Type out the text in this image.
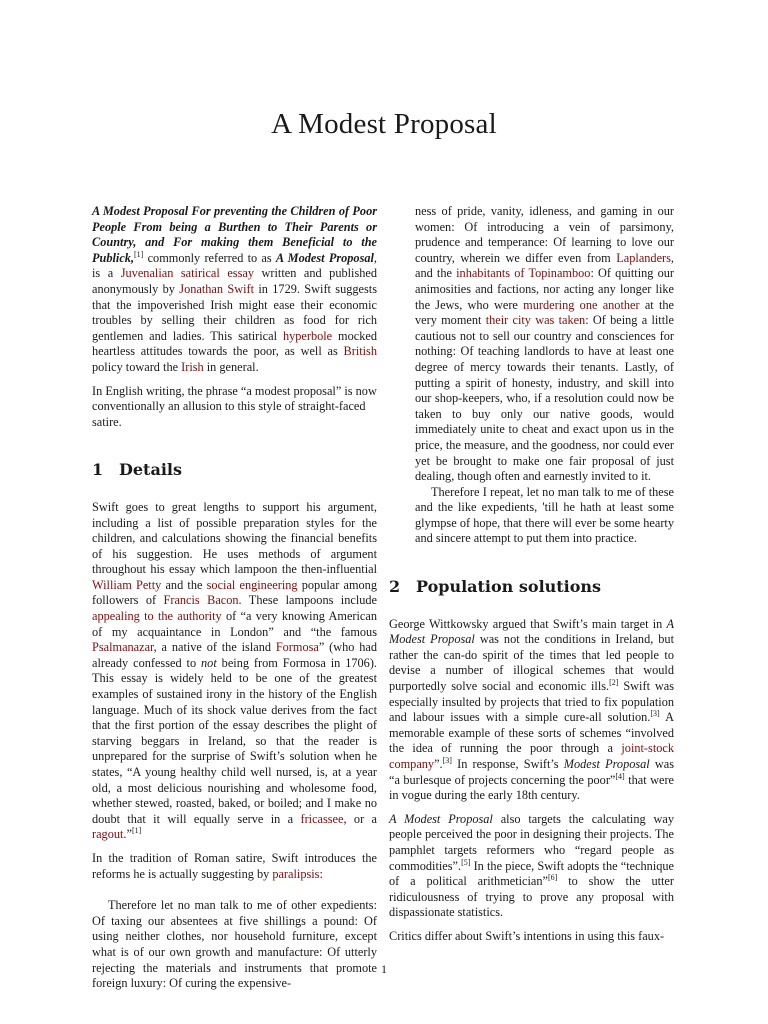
A Modest Proposal

A Modest Proposal For preventing the Children of Poor People From being a Burthen to Their Parents or Country, and For making them Beneficial to the Publick,[1] commonly referred to as A Modest Proposal, is a Juvenalian satirical essay written and published anonymously by Jonathan Swift in 1729. Swift suggests that the impoverished Irish might ease their economic troubles by selling their children as food for rich gentlemen and ladies. This satirical hyperbole mocked heartless attitudes towards the poor, as well as British policy toward the Irish in general.

In English writing, the phrase “a modest proposal” is now conventionally an allusion to this style of straight-faced satire.

1 Details

Swift goes to great lengths to support his argument, including a list of possible preparation styles for the children, and calculations showing the financial benefits of his suggestion. He uses methods of argument throughout his essay which lampoon the then-influential William Petty and the social engineering popular among followers of Francis Bacon. These lampoons include appealing to the authority of “a very knowing American of my acquaintance in London” and “the famous Psalmanazar, a native of the island Formosa” (who had already confessed to not being from Formosa in 1706). This essay is widely held to be one of the greatest examples of sustained irony in the history of the English language. Much of its shock value derives from the fact that the first portion of the essay describes the plight of starving beggars in Ireland, so that the reader is unprepared for the surprise of Swift’s solution when he states, “A young healthy child well nursed, is, at a year old, a most delicious nourishing and wholesome food, whether stewed, roasted, baked, or boiled; and I make no doubt that it will equally serve in a fricassee, or a ragout.”[1]

In the tradition of Roman satire, Swift introduces the reforms he is actually suggesting by paralipsis:

Therefore let no man talk to me of other expedients: Of taxing our absentees at five shillings a pound: Of using neither clothes, nor household furniture, except what is of our own growth and manufacture: Of utterly rejecting the materials and instruments that promote foreign luxury: Of curing the expensive-

ness of pride, vanity, idleness, and gaming in our women: Of introducing a vein of parsimony, prudence and temperance: Of learning to love our country, wherein we differ even from Laplanders, and the inhabitants of Topinamboo: Of quitting our animosities and factions, nor acting any longer like the Jews, who were murdering one another at the very moment their city was taken: Of being a little cautious not to sell our country and consciences for nothing: Of teaching landlords to have at least one degree of mercy towards their tenants. Lastly, of putting a spirit of honesty, industry, and skill into our shop-keepers, who, if a resolution could now be taken to buy only our native goods, would immediately unite to cheat and exact upon us in the price, the measure, and the goodness, nor could ever yet be brought to make one fair proposal of just dealing, though often and earnestly invited to it.

Therefore I repeat, let no man talk to me of these and the like expedients, 'till he hath at least some glympse of hope, that there will ever be some hearty and sincere attempt to put them into practice.

2 Population solutions

George Wittkowsky argued that Swift’s main target in A Modest Proposal was not the conditions in Ireland, but rather the can-do spirit of the times that led people to devise a number of illogical schemes that would purportedly solve social and economic ills.[2] Swift was especially insulted by projects that tried to fix population and labour issues with a simple cure-all solution.[3] A memorable example of these sorts of schemes “involved the idea of running the poor through a joint-stock company”.[3] In response, Swift’s Modest Proposal was “a burlesque of projects concerning the poor”[4] that were in vogue during the early 18th century.

A Modest Proposal also targets the calculating way people perceived the poor in designing their projects. The pamphlet targets reformers who “regard people as commodities”.[5] In the piece, Swift adopts the “technique of a political arithmetician”[6] to show the utter ridiculousness of trying to prove any proposal with dispassionate statistics.

Critics differ about Swift’s intentions in using this faux-

1
